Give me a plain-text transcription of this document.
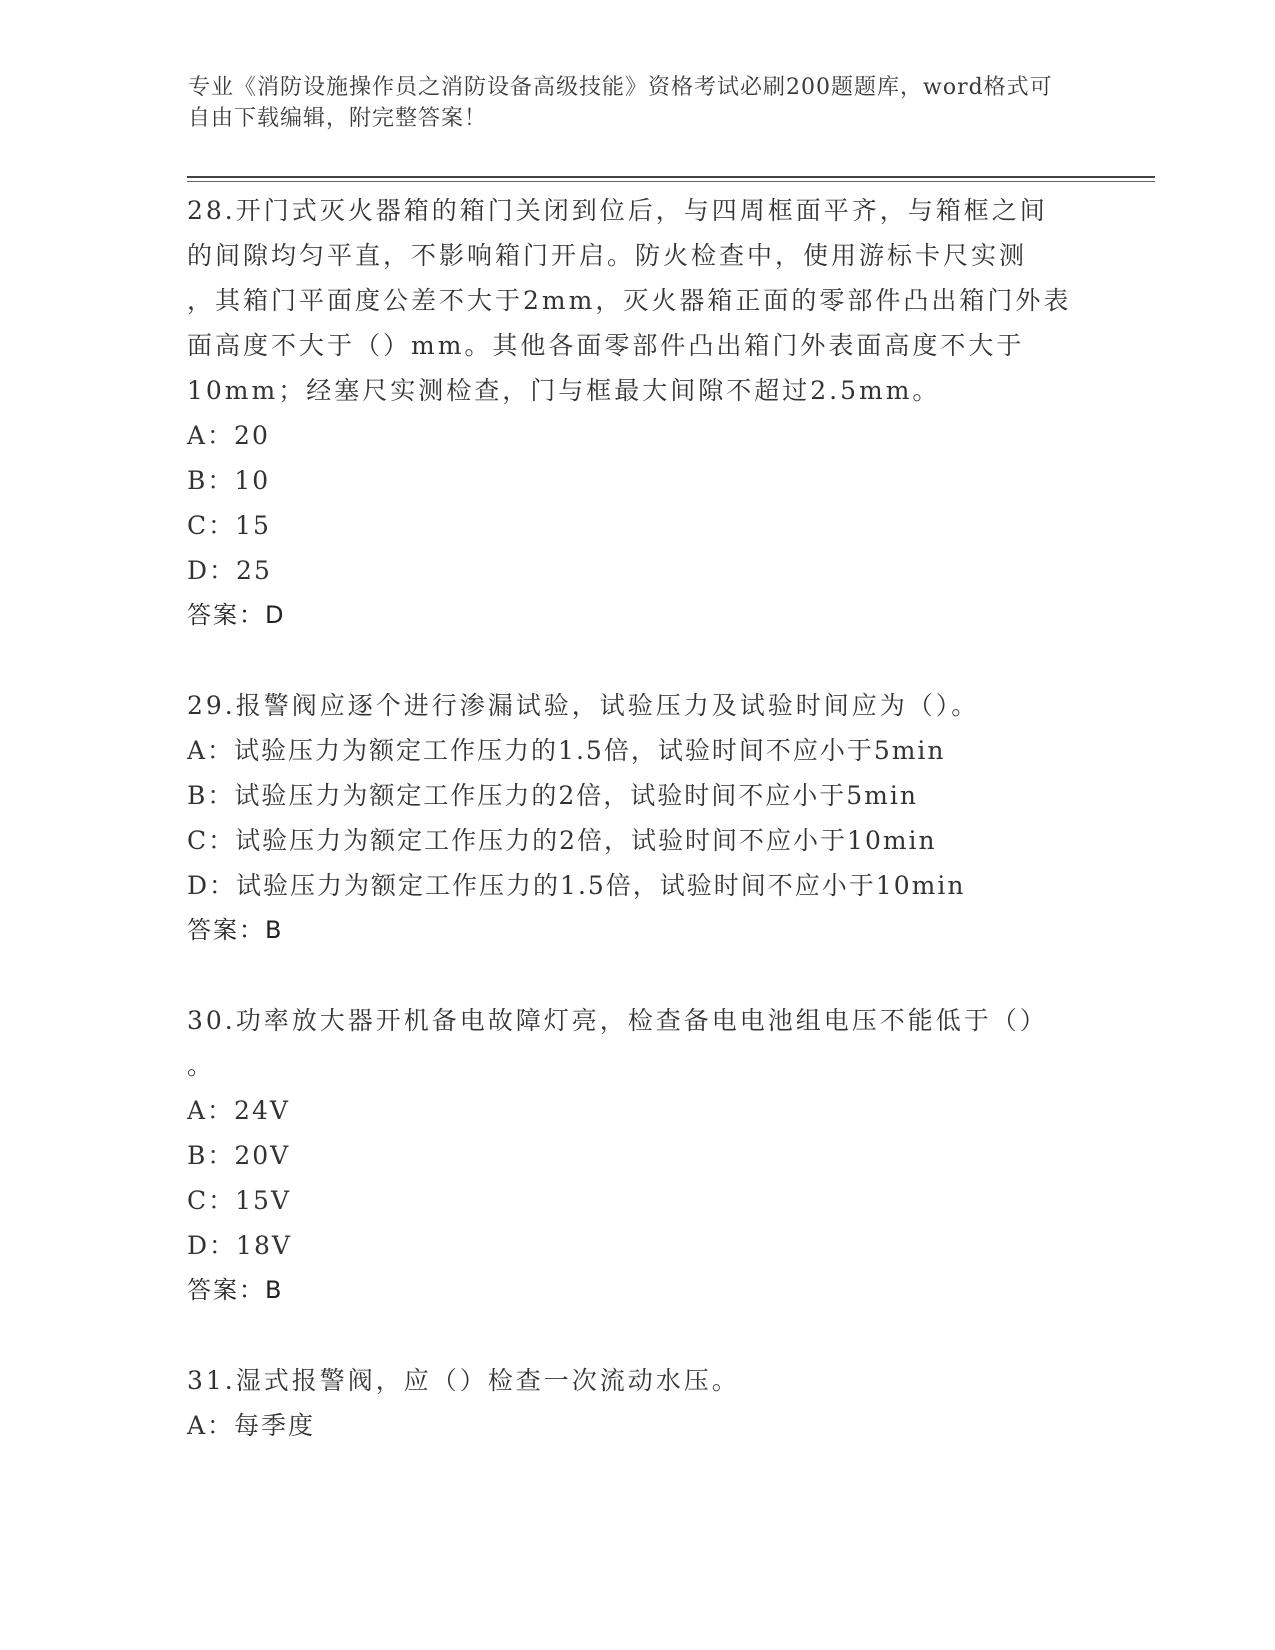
专业《消防设施操作员之消防设备高级技能》资格考试必刷200题题库，word格式可自由下载编辑，附完整答案！

28.开门式灭火器箱的箱门关闭到位后，与四周框面平齐，与箱框之间

的间隙均匀平直，不影响箱门开启。防火检查中，使用游标卡尺实测

，其箱门平面度公差不大于2mm，灭火器箱正面的零部件凸出箱门外表

面高度不大于（）mm。其他各面零部件凸出箱门外表面高度不大于

10mm；经塞尺实测检查，门与框最大间隙不超过2.5mm。

A：20

B：10

C：15

D：25

答案：D

29.报警阀应逐个进行渗漏试验，试验压力及试验时间应为（）。

A：试验压力为额定工作压力的1.5倍，试验时间不应小于5min

B：试验压力为额定工作压力的2倍，试验时间不应小于5min

C：试验压力为额定工作压力的2倍，试验时间不应小于10min

D：试验压力为额定工作压力的1.5倍，试验时间不应小于10min

答案：B

30.功率放大器开机备电故障灯亮，检查备电电池组电压不能低于（）

。

A：24V

B：20V

C：15V

D：18V

答案：B

31.湿式报警阀，应（）检查一次流动水压。

A：每季度
